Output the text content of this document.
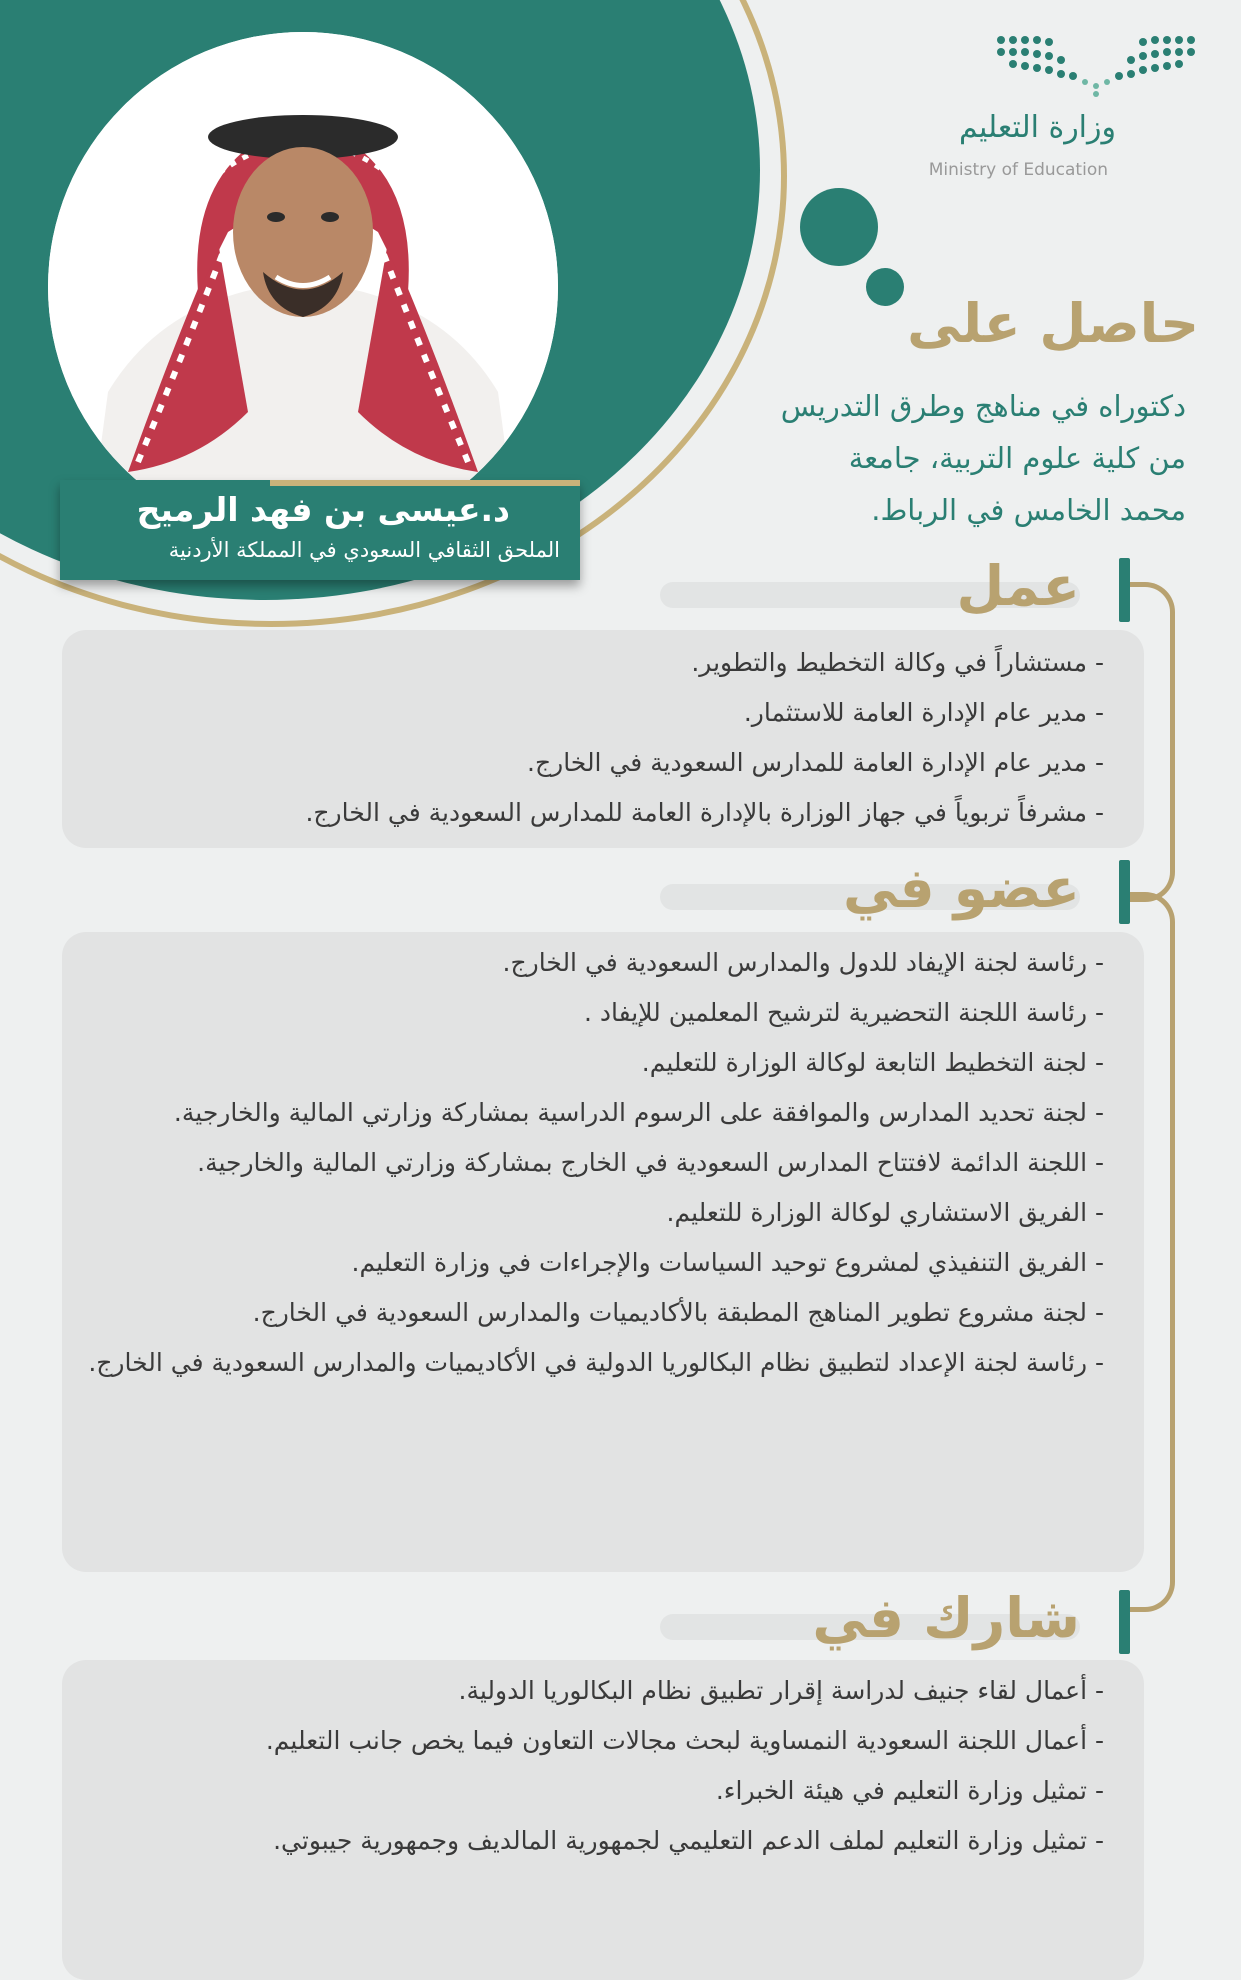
د.عيسى بن فهد الرميح
الملحق الثقافي السعودي في المملكة الأردنية
وزارة التعليم
Ministry of Education
حاصل على
دكتوراه في مناهج وطرق التدريس
من كلية علوم التربية، جامعة
محمد الخامس في الرباط.
عمل
- مستشاراً في وكالة التخطيط والتطوير.
- مدير عام الإدارة العامة للاستثمار.
- مدير عام الإدارة العامة للمدارس السعودية في الخارج.
- مشرفاً تربوياً في جهاز الوزارة بالإدارة العامة للمدارس السعودية في الخارج.
عضو في
- رئاسة لجنة الإيفاد للدول والمدارس السعودية في الخارج.
- رئاسة اللجنة التحضيرية لترشيح المعلمين للإيفاد .
- لجنة التخطيط التابعة لوكالة الوزارة للتعليم.
- لجنة تحديد المدارس والموافقة على الرسوم الدراسية بمشاركة وزارتي المالية والخارجية.
- اللجنة الدائمة لافتتاح المدارس السعودية في الخارج بمشاركة وزارتي المالية والخارجية.
- الفريق الاستشاري لوكالة الوزارة للتعليم.
- الفريق التنفيذي لمشروع توحيد السياسات والإجراءات في وزارة التعليم.
- لجنة مشروع تطوير المناهج المطبقة بالأكاديميات والمدارس السعودية في الخارج.
- رئاسة لجنة الإعداد لتطبيق نظام البكالوريا الدولية في الأكاديميات والمدارس السعودية في الخارج.
شارك في
- أعمال لقاء جنيف لدراسة إقرار تطبيق نظام البكالوريا الدولية.
- أعمال اللجنة السعودية النمساوية لبحث مجالات التعاون فيما يخص جانب التعليم.
- تمثيل وزارة التعليم في هيئة الخبراء.
- تمثيل وزارة التعليم لملف الدعم التعليمي لجمهورية المالديف وجمهورية جيبوتي.
